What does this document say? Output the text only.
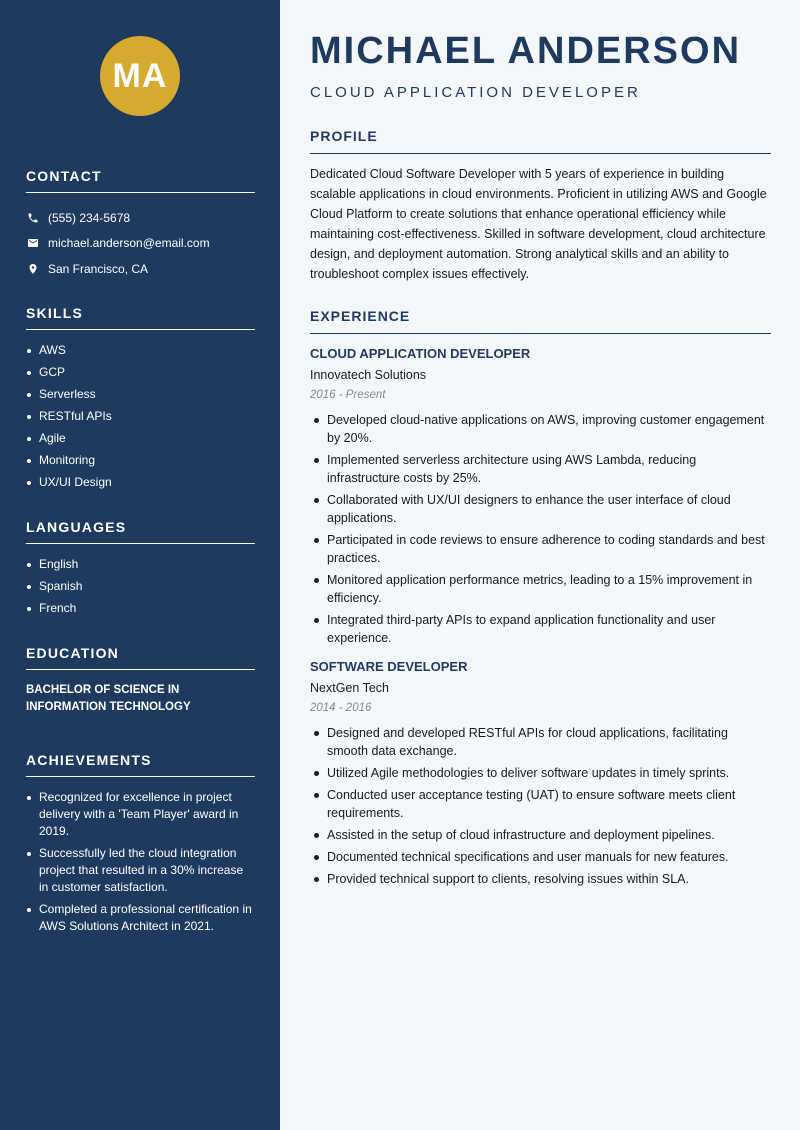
MA
CONTACT
(555) 234-5678
michael.anderson@email.com
San Francisco, CA
SKILLS
AWS
GCP
Serverless
RESTful APIs
Agile
Monitoring
UX/UI Design
LANGUAGES
English
Spanish
French
EDUCATION
BACHELOR OF SCIENCE IN
INFORMATION TECHNOLOGY
ACHIEVEMENTS
Recognized for excellence in project delivery with a 'Team Player' award in 2019.
Successfully led the cloud integration project that resulted in a 30% increase in customer satisfaction.
Completed a professional certification in AWS Solutions Architect in 2021.
MICHAEL ANDERSON
CLOUD APPLICATION DEVELOPER
PROFILE

Dedicated Cloud Software Developer with 5 years of experience in building scalable applications in cloud environments. Proficient in utilizing AWS and Google Cloud Platform to create solutions that enhance operational efficiency while maintaining cost-effectiveness. Skilled in software development, cloud architecture design, and deployment automation. Strong analytical skills and an ability to troubleshoot complex issues effectively.

EXPERIENCE
CLOUD APPLICATION DEVELOPER
Innovatech Solutions
2016 - Present
Developed cloud-native applications on AWS, improving customer engagement by 20%.
Implemented serverless architecture using AWS Lambda, reducing infrastructure costs by 25%.
Collaborated with UX/UI designers to enhance the user interface of cloud applications.
Participated in code reviews to ensure adherence to coding standards and best practices.
Monitored application performance metrics, leading to a 15% improvement in efficiency.
Integrated third-party APIs to expand application functionality and user experience.
SOFTWARE DEVELOPER
NextGen Tech
2014 - 2016
Designed and developed RESTful APIs for cloud applications, facilitating smooth data exchange.
Utilized Agile methodologies to deliver software updates in timely sprints.
Conducted user acceptance testing (UAT) to ensure software meets client requirements.
Assisted in the setup of cloud infrastructure and deployment pipelines.
Documented technical specifications and user manuals for new features.
Provided technical support to clients, resolving issues within SLA.
